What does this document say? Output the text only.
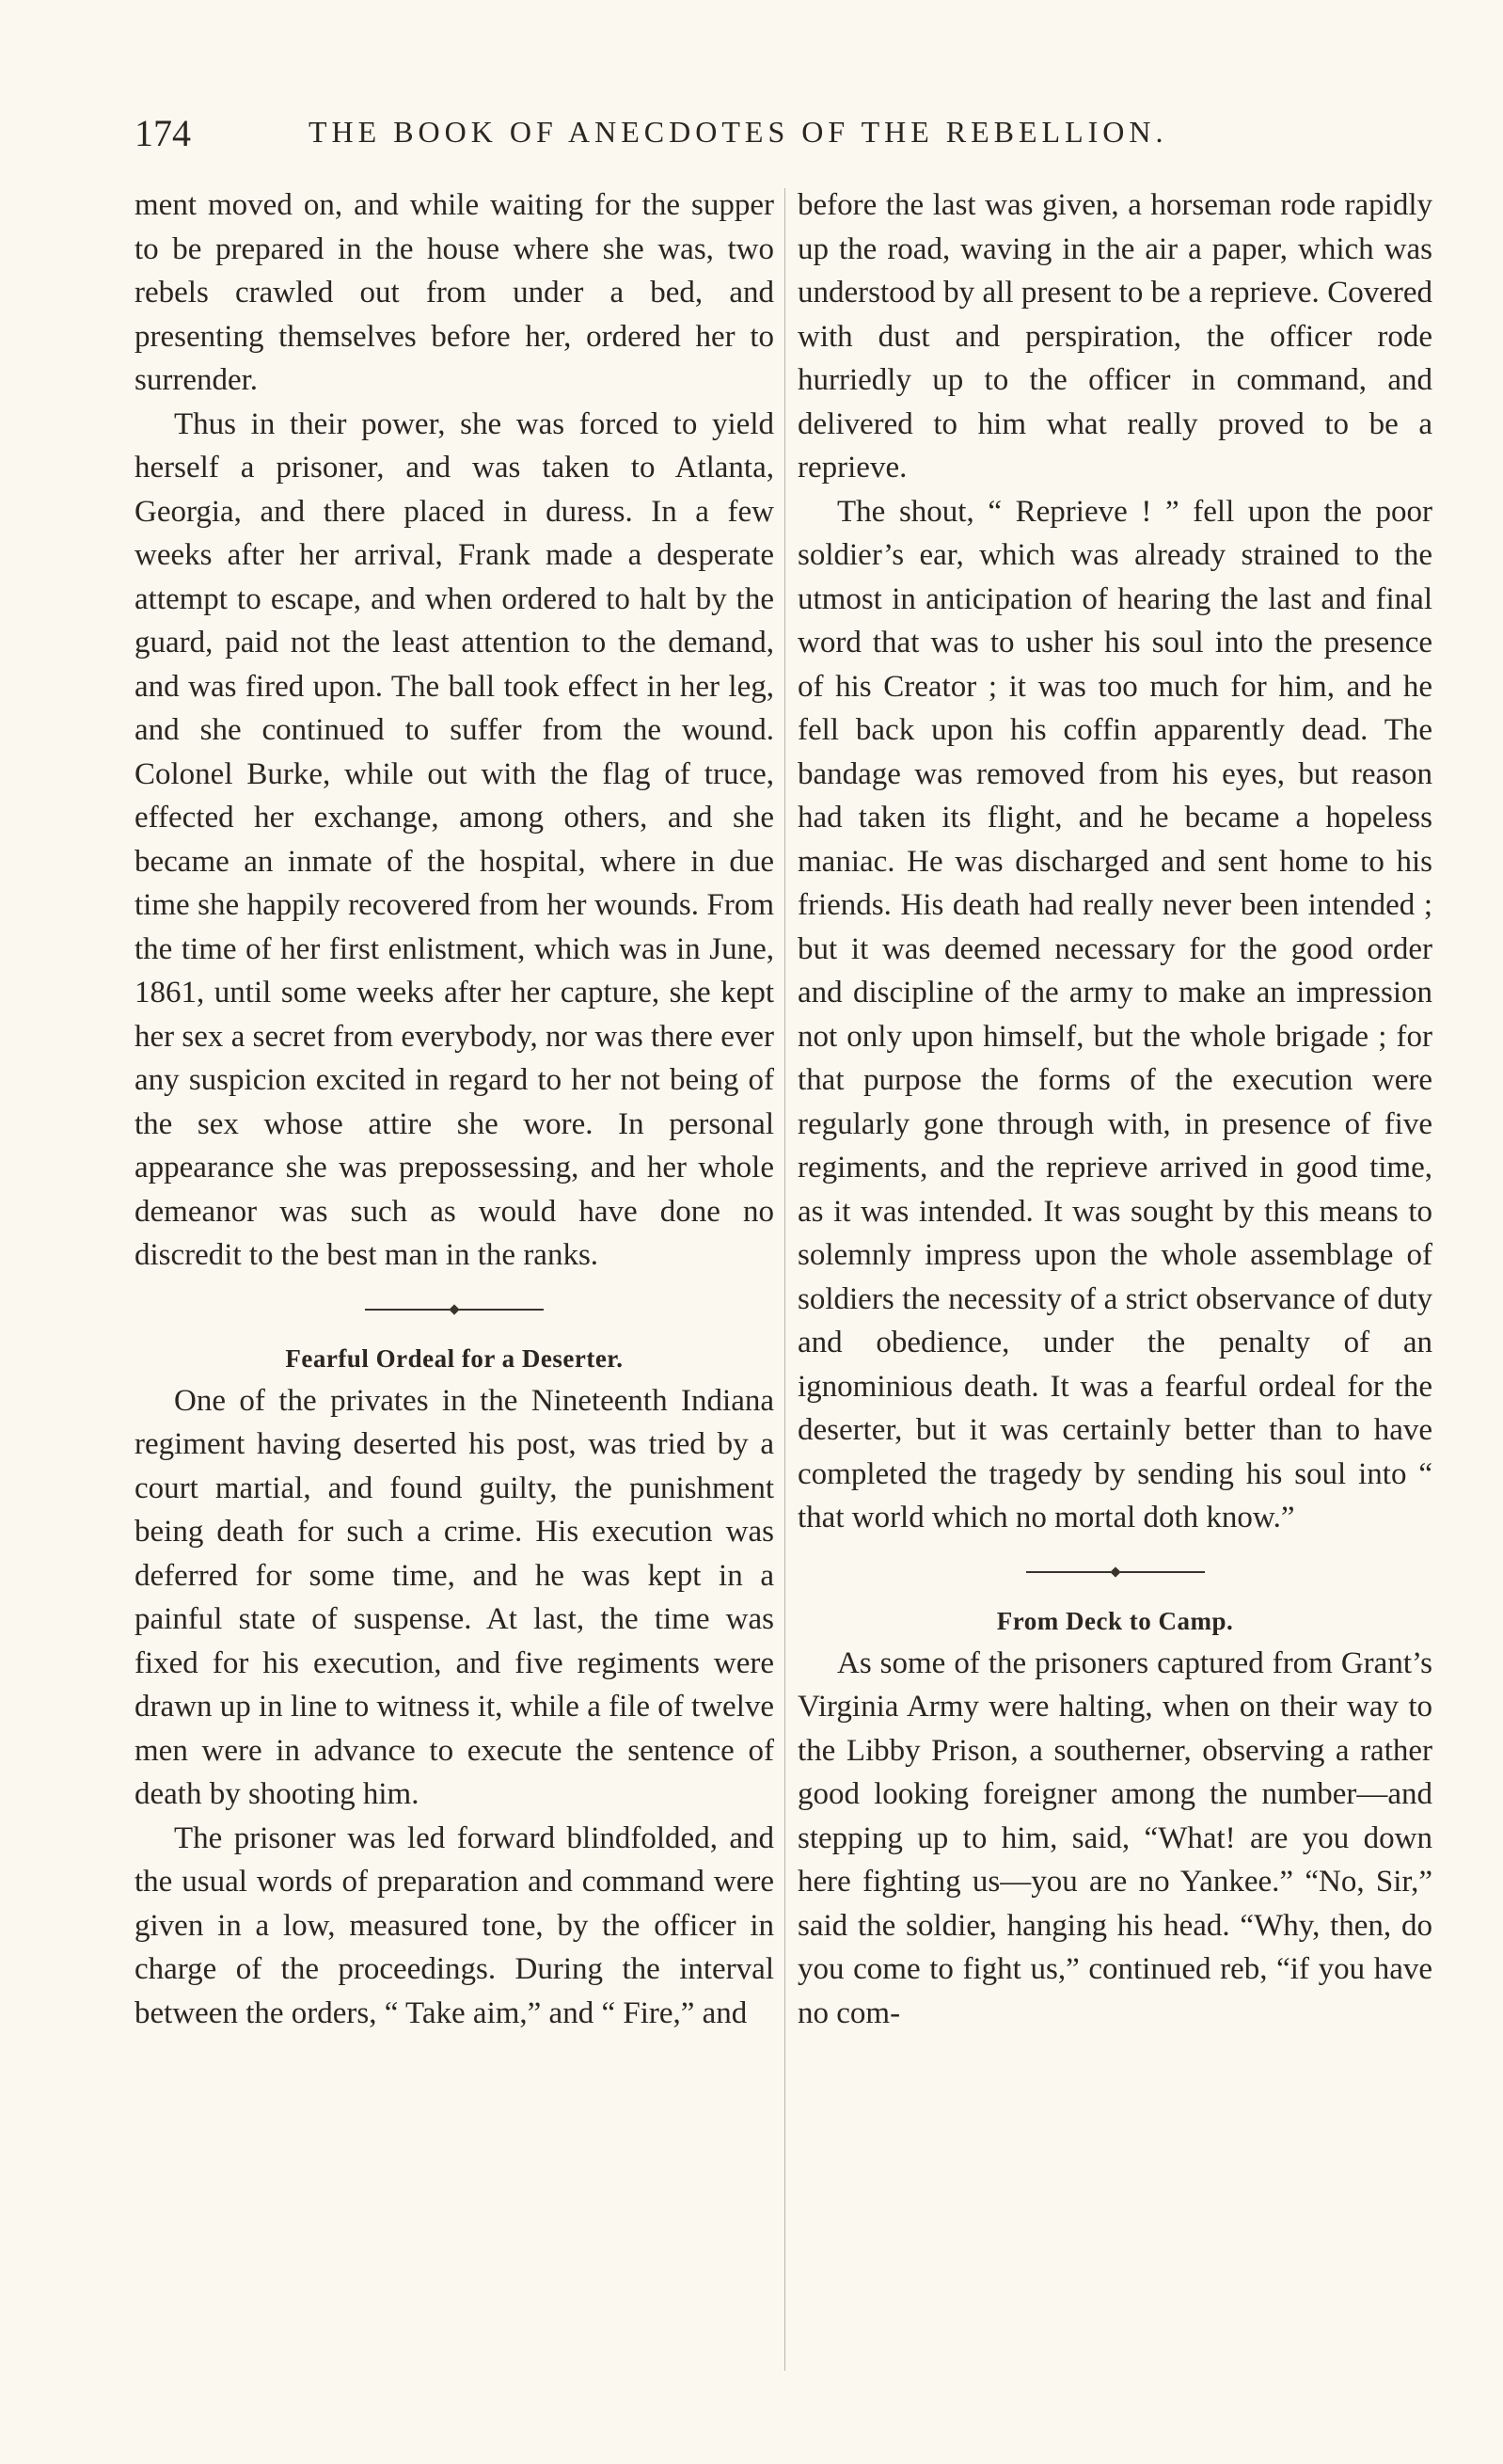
174	THE BOOK OF ANECDOTES OF THE REBELLION.

ment moved on, and while waiting for the supper to be prepared in the house where she was, two rebels crawled out from under a bed, and presenting themselves before her, ordered her to surrender.

Thus in their power, she was forced to yield herself a prisoner, and was taken to Atlanta, Georgia, and there placed in duress. In a few weeks after her arrival, Frank made a desperate attempt to escape, and when ordered to halt by the guard, paid not the least attention to the demand, and was fired upon. The ball took effect in her leg, and she continued to suffer from the wound. Colonel Burke, while out with the flag of truce, effected her exchange, among others, and she became an inmate of the hospital, where in due time she happily recovered from her wounds. From the time of her first enlistment, which was in June, 1861, until some weeks after her capture, she kept her sex a secret from everybody, nor was there ever any suspicion excited in regard to her not being of the sex whose attire she wore. In personal appearance she was prepossessing, and her whole demeanor was such as would have done no discredit to the best man in the ranks.

Fearful Ordeal for a Deserter.

One of the privates in the Nineteenth Indiana regiment having deserted his post, was tried by a court martial, and found guilty, the punishment being death for such a crime. His execution was deferred for some time, and he was kept in a painful state of suspense. At last, the time was fixed for his execution, and five regiments were drawn up in line to witness it, while a file of twelve men were in advance to execute the sentence of death by shooting him.

The prisoner was led forward blindfolded, and the usual words of preparation and command were given in a low, measured tone, by the officer in charge of the proceedings. During the interval between the orders, “ Take aim,” and “ Fire,” and

before the last was given, a horseman rode rapidly up the road, waving in the air a paper, which was understood by all present to be a reprieve. Covered with dust and perspiration, the officer rode hurriedly up to the officer in command, and delivered to him what really proved to be a reprieve.

The shout, “ Reprieve ! ” fell upon the poor soldier’s ear, which was already strained to the utmost in anticipation of hearing the last and final word that was to usher his soul into the presence of his Creator ; it was too much for him, and he fell back upon his coffin apparently dead. The bandage was removed from his eyes, but reason had taken its flight, and he became a hopeless maniac. He was discharged and sent home to his friends. His death had really never been intended ; but it was deemed necessary for the good order and discipline of the army to make an impression not only upon himself, but the whole brigade ; for that purpose the forms of the execution were regularly gone through with, in presence of five regiments, and the reprieve arrived in good time, as it was intended. It was sought by this means to solemnly impress upon the whole assemblage of soldiers the necessity of a strict observance of duty and obedience, under the penalty of an ignominious death. It was a fearful ordeal for the deserter, but it was certainly better than to have completed the tragedy by sending his soul into “ that world which no mortal doth know.”

From Deck to Camp.

As some of the prisoners captured from Grant’s Virginia Army were halting, when on their way to the Libby Prison, a southerner, observing a rather good looking foreigner among the number—and stepping up to him, said, “What! are you down here fighting us—you are no Yankee.” “No, Sir,” said the soldier, hanging his head. “Why, then, do you come to fight us,” continued reb, “if you have no com-
